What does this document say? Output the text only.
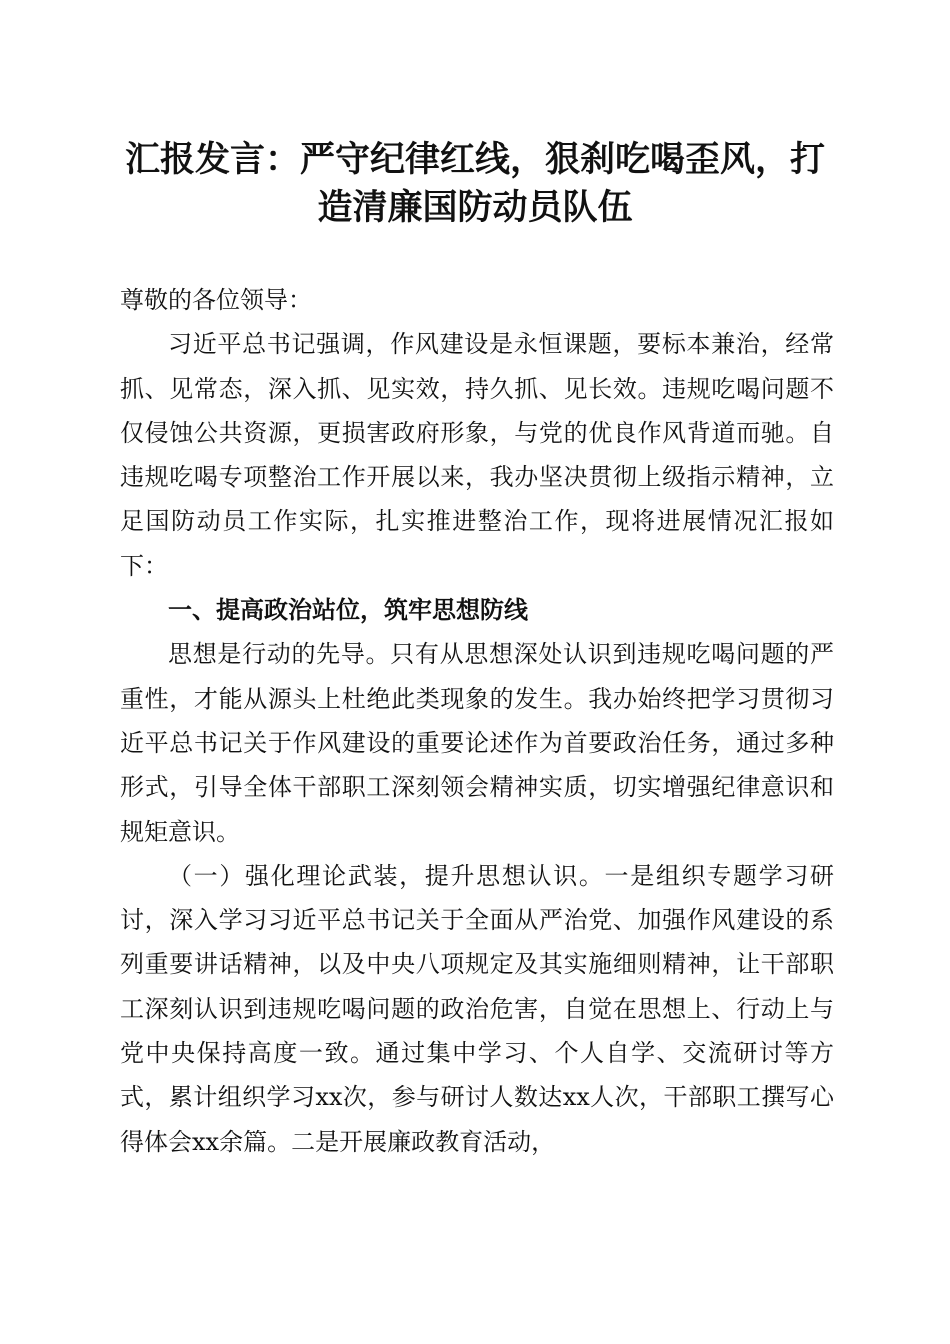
汇报发言：严守纪律红线，狠刹吃喝歪风，打
造清廉国防动员队伍

尊敬的各位领导：

习近平总书记强调，作风建设是永恒课题，要标本兼治，经常抓、见常态，深入抓、见实效，持久抓、见长效。违规吃喝问题不仅侵蚀公共资源，更损害政府形象，与党的优良作风背道而驰。自违规吃喝专项整治工作开展以来，我办坚决贯彻上级指示精神，立足国防动员工作实际，扎实推进整治工作，现将进展情况汇报如下：

一、提高政治站位，筑牢思想防线

思想是行动的先导。只有从思想深处认识到违规吃喝问题的严重性，才能从源头上杜绝此类现象的发生。我办始终把学习贯彻习近平总书记关于作风建设的重要论述作为首要政治任务，通过多种形式，引导全体干部职工深刻领会精神实质，切实增强纪律意识和规矩意识。

（一）强化理论武装，提升思想认识。一是组织专题学习研讨，深入学习习近平总书记关于全面从严治党、加强作风建设的系列重要讲话精神，以及中央八项规定及其实施细则精神，让干部职工深刻认识到违规吃喝问题的政治危害，自觉在思想上、行动上与党中央保持高度一致。通过集中学习、个人自学、交流研讨等方式，累计组织学习xx次，参与研讨人数达xx人次，干部职工撰写心得体会xx余篇。二是开展廉政教育活动，
